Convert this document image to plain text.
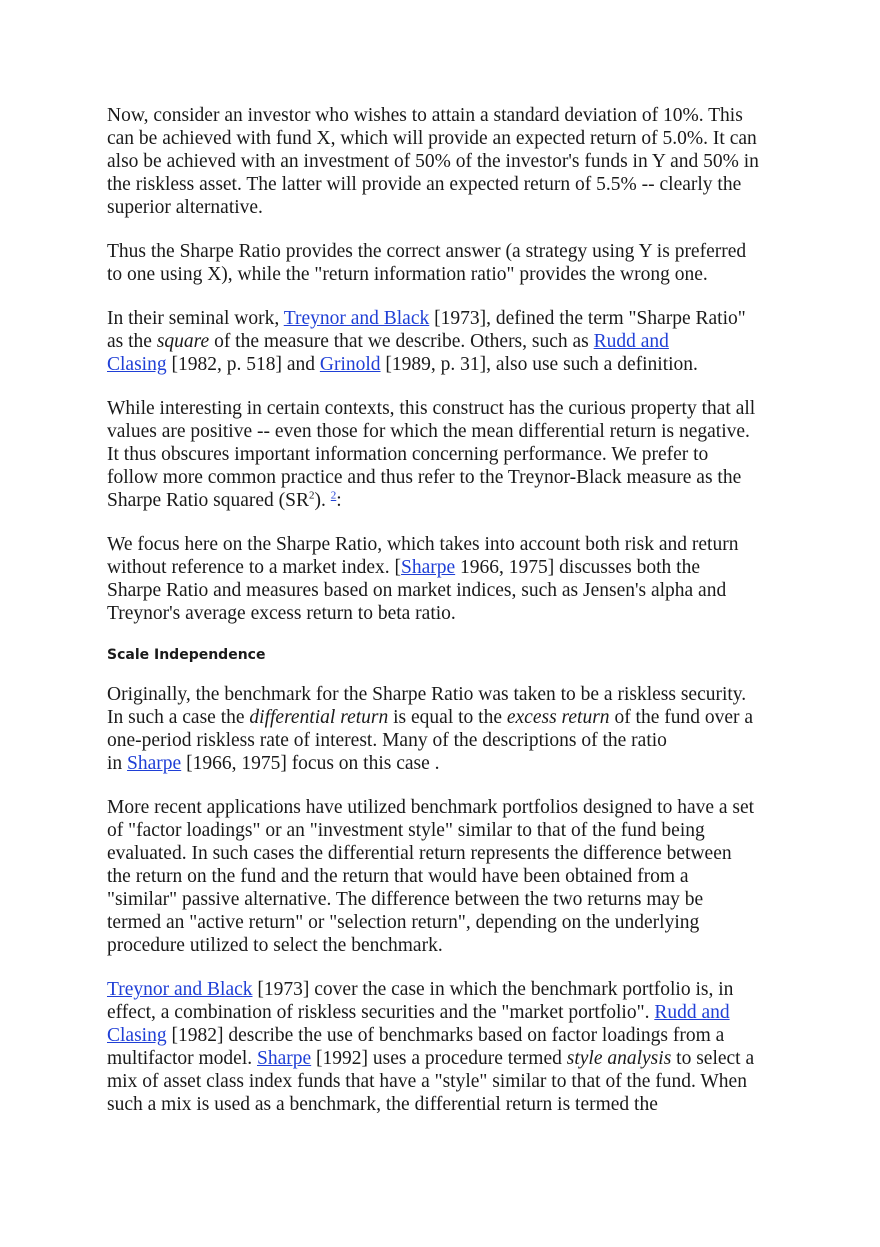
Now, consider an investor who wishes to attain a standard deviation of 10%. This
can be achieved with fund X, which will provide an expected return of 5.0%. It can
also be achieved with an investment of 50% of the investor's funds in Y and 50% in
the riskless asset. The latter will provide an expected return of 5.5% -- clearly the
superior alternative.

Thus the Sharpe Ratio provides the correct answer (a strategy using Y is preferred
to one using X), while the "return information ratio" provides the wrong one.

In their seminal work, Treynor and Black [1973], defined the term "Sharpe Ratio"
as the square of the measure that we describe. Others, such as Rudd and
Clasing [1982, p. 518] and Grinold [1989, p. 31], also use such a definition.

While interesting in certain contexts, this construct has the curious property that all
values are positive -- even those for which the mean differential return is negative.
It thus obscures important information concerning performance. We prefer to
follow more common practice and thus refer to the Treynor-Black measure as the
Sharpe Ratio squared $(SR^2)$. $^2$:

We focus here on the Sharpe Ratio, which takes into account both risk and return
without reference to a market index. [Sharpe 1966, 1975] discusses both the
Sharpe Ratio and measures based on market indices, such as Jensen's alpha and
Treynor's average excess return to beta ratio.

Scale Independence

Originally, the benchmark for the Sharpe Ratio was taken to be a riskless security.
In such a case the differential return is equal to the excess return of the fund over a
one-period riskless rate of interest. Many of the descriptions of the ratio
in Sharpe [1966, 1975] focus on this case .

More recent applications have utilized benchmark portfolios designed to have a set
of "factor loadings" or an "investment style" similar to that of the fund being
evaluated. In such cases the differential return represents the difference between
the return on the fund and the return that would have been obtained from a
"similar" passive alternative. The difference between the two returns may be
termed an "active return" or "selection return", depending on the underlying
procedure utilized to select the benchmark.

Treynor and Black [1973] cover the case in which the benchmark portfolio is, in
effect, a combination of riskless securities and the "market portfolio". Rudd and
Clasing [1982] describe the use of benchmarks based on factor loadings from a
multifactor model. Sharpe [1992] uses a procedure termed style analysis to select a
mix of asset class index funds that have a "style" similar to that of the fund. When
such a mix is used as a benchmark, the differential return is termed the
